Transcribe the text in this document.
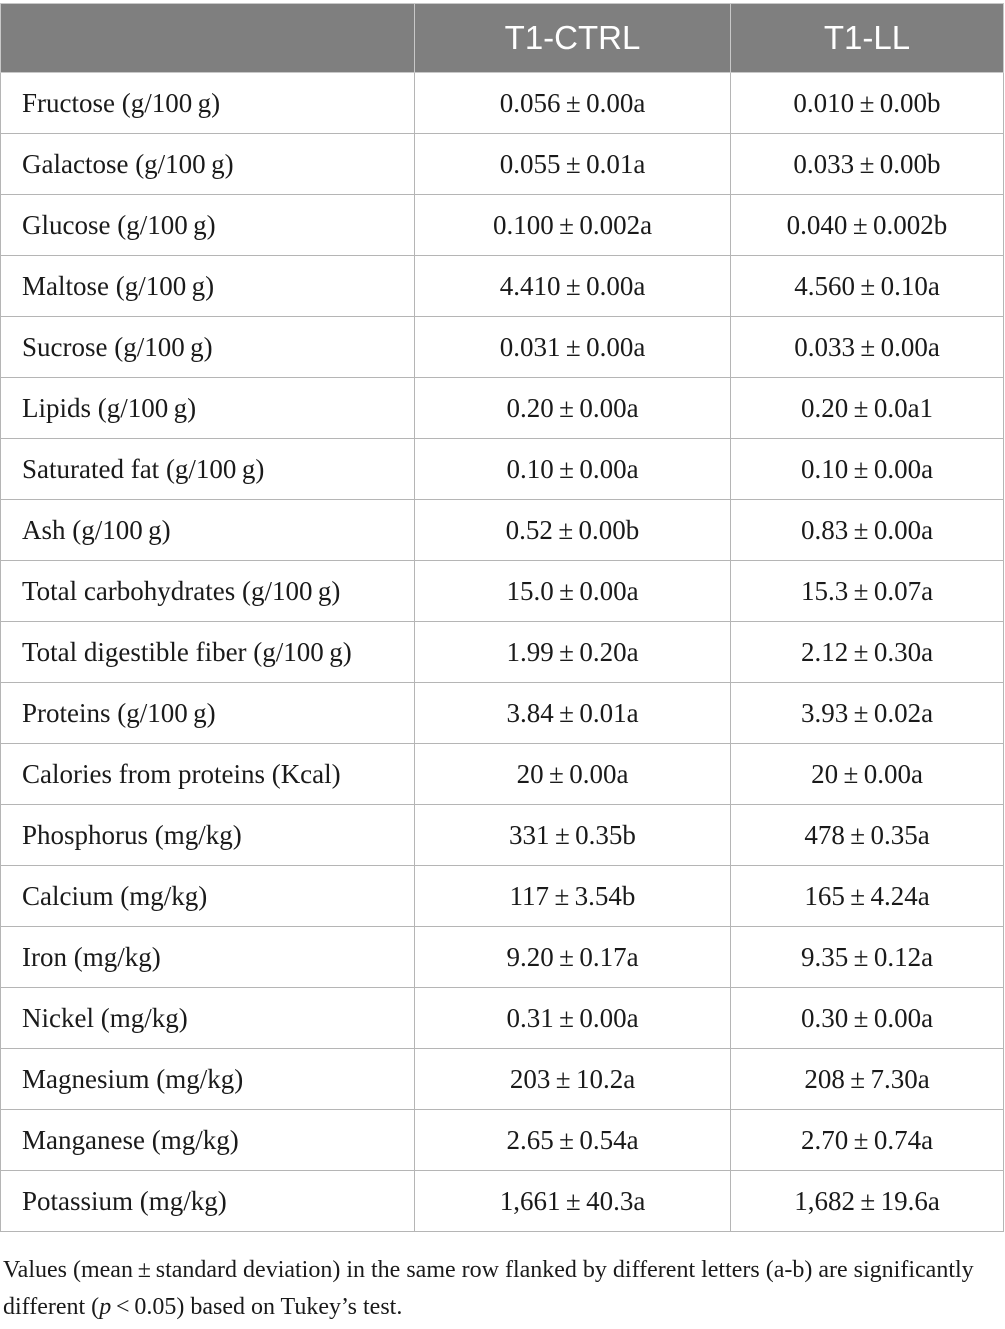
	T1-CTRL	T1-LL
Fructose (g/100 g)	0.056 ± 0.00a	0.010 ± 0.00b
Galactose (g/100 g)	0.055 ± 0.01a	0.033 ± 0.00b
Glucose (g/100 g)	0.100 ± 0.002a	0.040 ± 0.002b
Maltose (g/100 g)	4.410 ± 0.00a	4.560 ± 0.10a
Sucrose (g/100 g)	0.031 ± 0.00a	0.033 ± 0.00a
Lipids (g/100 g)	0.20 ± 0.00a	0.20 ± 0.0a1
Saturated fat (g/100 g)	0.10 ± 0.00a	0.10 ± 0.00a
Ash (g/100 g)	0.52 ± 0.00b	0.83 ± 0.00a
Total carbohydrates (g/100 g)	15.0 ± 0.00a	15.3 ± 0.07a
Total digestible fiber (g/100 g)	1.99 ± 0.20a	2.12 ± 0.30a
Proteins (g/100 g)	3.84 ± 0.01a	3.93 ± 0.02a
Calories from proteins (Kcal)	20 ± 0.00a	20 ± 0.00a
Phosphorus (mg/kg)	331 ± 0.35b	478 ± 0.35a
Calcium (mg/kg)	117 ± 3.54b	165 ± 4.24a
Iron (mg/kg)	9.20 ± 0.17a	9.35 ± 0.12a
Nickel (mg/kg)	0.31 ± 0.00a	0.30 ± 0.00a
Magnesium (mg/kg)	203 ± 10.2a	208 ± 7.30a
Manganese (mg/kg)	2.65 ± 0.54a	2.70 ± 0.74a
Potassium (mg/kg)	1,661 ± 40.3a	1,682 ± 19.6a
Values (mean ± standard deviation) in the same row flanked by different letters (a-b) are significantly different (p < 0.05) based on Tukey’s test.
